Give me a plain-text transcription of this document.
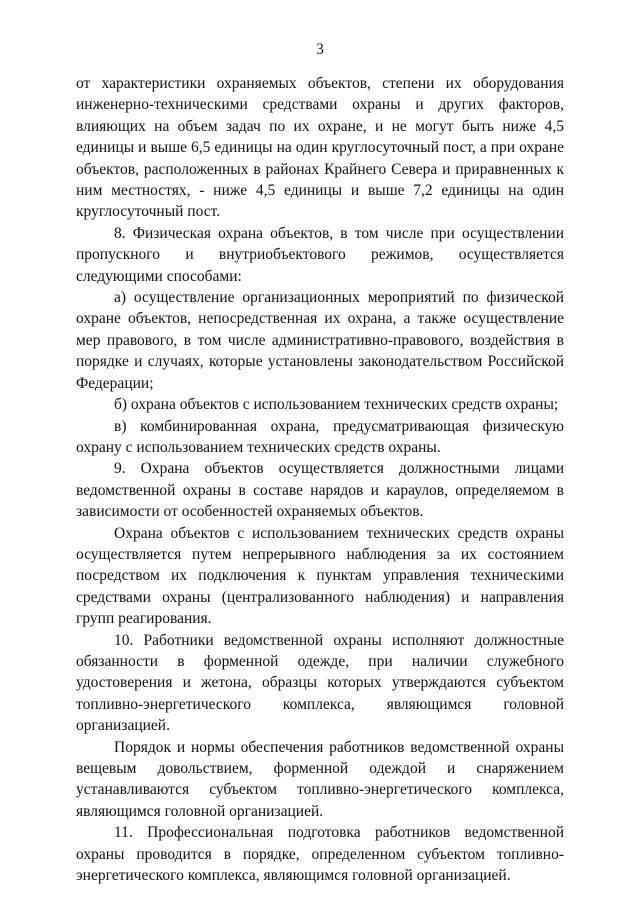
3

от характеристики охраняемых объектов, степени их оборудования инженерно-техническими средствами охраны и других факторов, влияющих на объем задач по их охране, и не могут быть ниже 4,5 единицы и выше 6,5 единицы на один круглосуточный пост, а при охране объектов, расположенных в районах Крайнего Севера и приравненных к ним местностях, - ниже 4,5 единицы и выше 7,2 единицы на один круглосуточный пост.

8. Физическая охрана объектов, в том числе при осуществлении пропускного и внутриобъектового режимов, осуществляется следующими способами:

а) осуществление организационных мероприятий по физической охране объектов, непосредственная их охрана, а также осуществление мер правового, в том числе административно-правового, воздействия в порядке и случаях, которые установлены законодательством Российской Федерации;

б) охрана объектов с использованием технических средств охраны;

в) комбинированная охрана, предусматривающая физическую охрану с использованием технических средств охраны.

9. Охрана объектов осуществляется должностными лицами ведомственной охраны в составе нарядов и караулов, определяемом в зависимости от особенностей охраняемых объектов.

Охрана объектов с использованием технических средств охраны осуществляется путем непрерывного наблюдения за их состоянием посредством их подключения к пунктам управления техническими средствами охраны (централизованного наблюдения) и направления групп реагирования.

10. Работники ведомственной охраны исполняют должностные обязанности в форменной одежде, при наличии служебного удостоверения и жетона, образцы которых утверждаются субъектом топливно-энергетического комплекса, являющимся головной организацией.

Порядок и нормы обеспечения работников ведомственной охраны вещевым довольствием, форменной одеждой и снаряжением устанавливаются субъектом топливно-энергетического комплекса, являющимся головной организацией.

11. Профессиональная подготовка работников ведомственной охраны проводится в порядке, определенном субъектом топливно-энергетического комплекса, являющимся головной организацией.
